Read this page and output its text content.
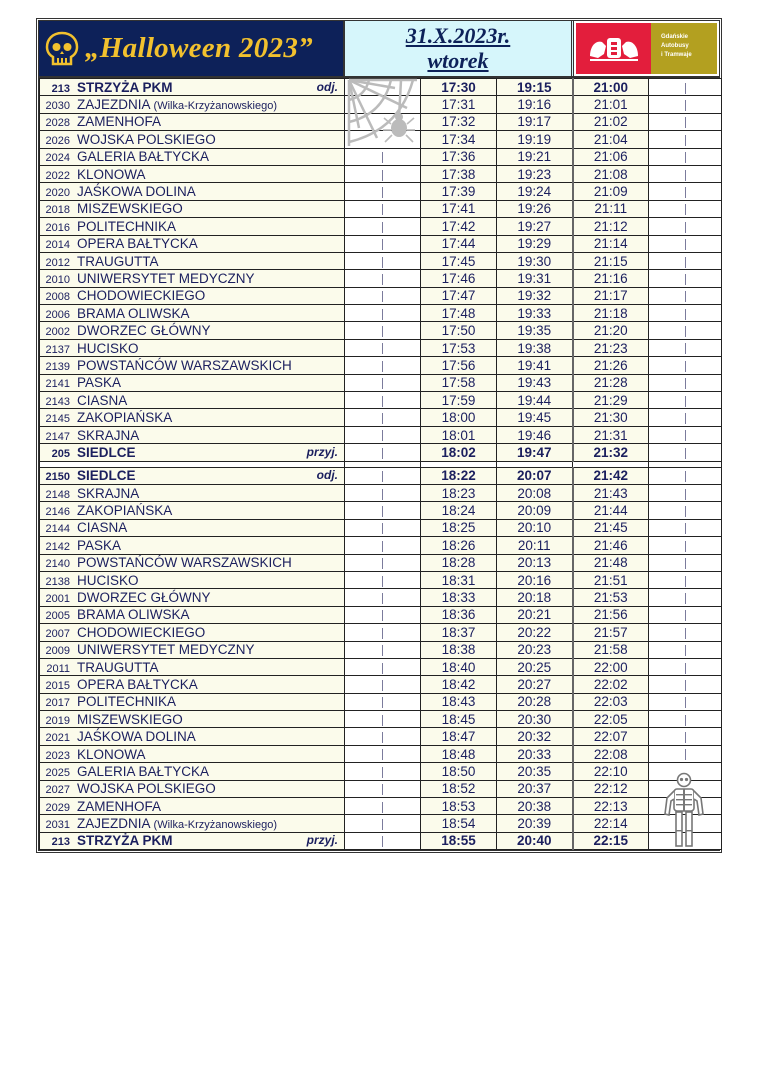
„Halloween 2023”	31.X.2023r.
wtorek
Gdańskie
Autobusy
i Tramwaje
213 STRZYŻA PKM odj.		17:30	19:15	21:00	
2030 ZAJEZDNIA (Wilka-Krzyżanowskiego)		17:31	19:16	21:01	
2028 ZAMENHOFA		17:32	19:17	21:02	
2026 WOJSKA POLSKIEGO		17:34	19:19	21:04	
2024 GALERIA BAŁTYCKA		17:36	19:21	21:06	
2022 KLONOWA		17:38	19:23	21:08	
2020 JAŚKOWA DOLINA		17:39	19:24	21:09	
2018 MISZEWSKIEGO		17:41	19:26	21:11	
2016 POLITECHNIKA		17:42	19:27	21:12	
2014 OPERA BAŁTYCKA		17:44	19:29	21:14	
2012 TRAUGUTTA		17:45	19:30	21:15	
2010 UNIWERSYTET MEDYCZNY		17:46	19:31	21:16	
2008 CHODOWIECKIEGO		17:47	19:32	21:17	
2006 BRAMA OLIWSKA		17:48	19:33	21:18	
2002 DWORZEC GŁÓWNY		17:50	19:35	21:20	
2137 HUCISKO		17:53	19:38	21:23	
2139 POWSTAŃCÓW WARSZAWSKICH		17:56	19:41	21:26	
2141 PASKA		17:58	19:43	21:28	
2143 CIASNA		17:59	19:44	21:29	
2145 ZAKOPIAŃSKA		18:00	19:45	21:30	
2147 SKRAJNA		18:01	19:46	21:31	
205 SIEDLCE przyj.		18:02	19:47	21:32	

2150 SIEDLCE odj.		18:22	20:07	21:42	
2148 SKRAJNA		18:23	20:08	21:43	
2146 ZAKOPIAŃSKA		18:24	20:09	21:44	
2144 CIASNA		18:25	20:10	21:45	
2142 PASKA		18:26	20:11	21:46	
2140 POWSTAŃCÓW WARSZAWSKICH		18:28	20:13	21:48	
2138 HUCISKO		18:31	20:16	21:51	
2001 DWORZEC GŁÓWNY		18:33	20:18	21:53	
2005 BRAMA OLIWSKA		18:36	20:21	21:56	
2007 CHODOWIECKIEGO		18:37	20:22	21:57	
2009 UNIWERSYTET MEDYCZNY		18:38	20:23	21:58	
2011 TRAUGUTTA		18:40	20:25	22:00	
2015 OPERA BAŁTYCKA		18:42	20:27	22:02	
2017 POLITECHNIKA		18:43	20:28	22:03	
2019 MISZEWSKIEGO		18:45	20:30	22:05	
2021 JAŚKOWA DOLINA		18:47	20:32	22:07	
2023 KLONOWA		18:48	20:33	22:08	
2025 GALERIA BAŁTYCKA		18:50	20:35	22:10	
2027 WOJSKA POLSKIEGO		18:52	20:37	22:12	
2029 ZAMENHOFA		18:53	20:38	22:13	
2031 ZAJEZDNIA (Wilka-Krzyżanowskiego)		18:54	20:39	22:14	
213 STRZYŻA PKM przyj.		18:55	20:40	22:15	
